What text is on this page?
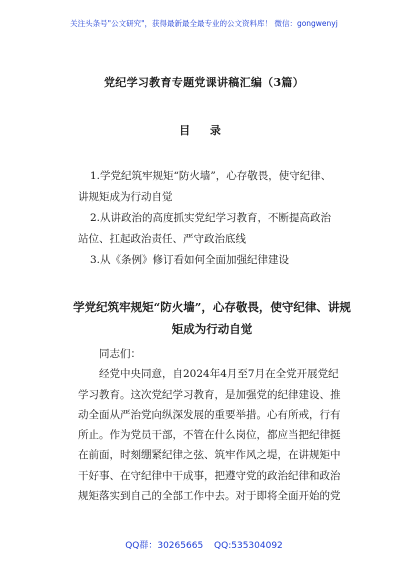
关注头条号"公文研究"，获得最新最全最专业的公文资料库！ 微信：gongwenyj
党纪学习教育专题党课讲稿汇编（3篇）
目 录
1.学党纪筑牢规矩“防火墙”，心存敬畏，使守纪律、
讲规矩成为行动自觉
2.从讲政治的高度抓实党纪学习教育，不断提高政治
站位、扛起政治责任、严守政治底线
3.从《条例》修订看如何全面加强纪律建设
学党纪筑牢规矩“防火墙”，心存敬畏，使守纪律、讲规
矩成为行动自觉
同志们：
经党中央同意，自2024年4月至7月在全党开展党纪
学习教育。这次党纪学习教育，是加强党的纪律建设、推
动全面从严治党向纵深发展的重要举措。心有所戒，行有
所止。作为党员干部，不管在什么岗位，都应当把纪律挺
在前面，时刻绷紧纪律之弦、筑牢作风之堤，在讲规矩中
干好事、在守纪律中干成事，把遵守党的政治纪律和政治
规矩落实到自己的全部工作中去。对于即将全面开始的党
QQ群：30265665 QQ:535304092
